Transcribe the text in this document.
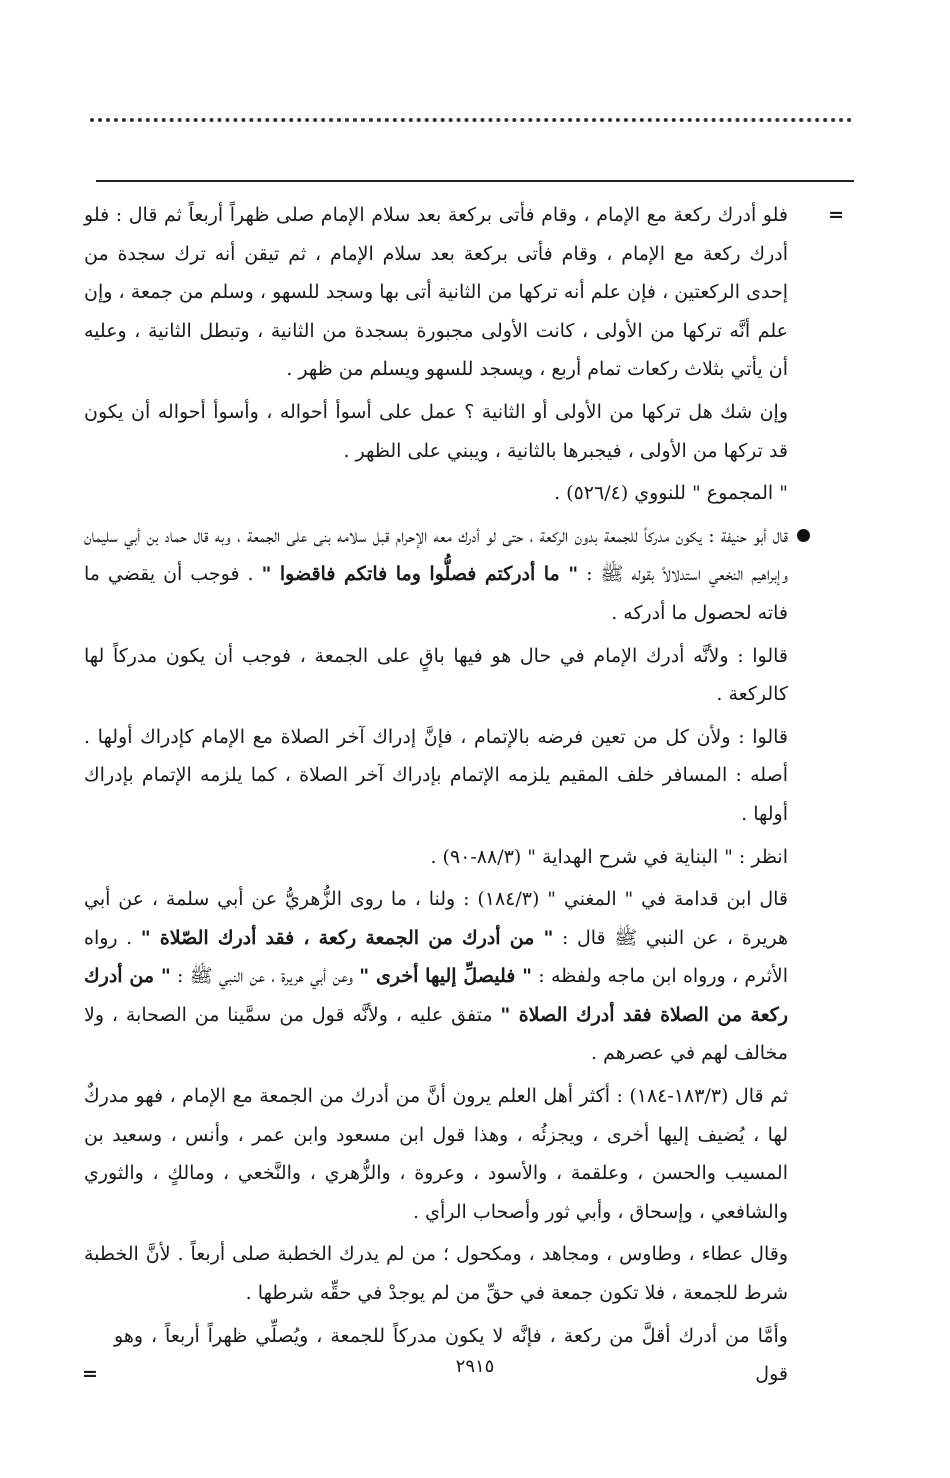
=
فلو أدرك ركعة مع الإمام ، وقام فأتى بركعة بعد سلام الإمام صلى ظهراً أربعاً ثم قال : فلو أدرك ركعة مع الإمام ، وقام فأتى بركعة بعد سلام الإمام ، ثم تيقن أنه ترك سجدة من إحدى الركعتين ، فإن علم أنه تركها من الثانية أتى بها وسجد للسهو ، وسلم من جمعة ، وإن علم أنَّه تركها من الأولى ، كانت الأولى مجبورة بسجدة من الثانية ، وتبطل الثانية ، وعليه أن يأتي بثلاث ركعات تمام أربع ، ويسجد للسهو ويسلم من ظهر .

وإن شك هل تركها من الأولى أو الثانية ؟ عمل على أسوأ أحواله ، وأسوأ أحواله أن يكون قد تركها من الأولى ، فيجبرها بالثانية ، ويبني على الظهر .

" المجموع " للنووي (٥٢٦/٤) .

قال أبو حنيفة : يكون مدركاً للجمعة بدون الركعة ، حتى لو أدرك معه الإحرام قبل سلامه بنى على الجمعة ، وبه قال حماد بن أبي سليمان وإبراهيم النخعي استدلالاً بقوله ﷺ : " ما أدركتم فصلُّوا وما فاتكم فاقضوا " . فوجب أن يقضي ما فاته لحصول ما أدركه .

قالوا : ولأنَّه أدرك الإمام في حال هو فيها باقٍ على الجمعة ، فوجب أن يكون مدركاً لها كالركعة .

قالوا : ولأن كل من تعين فرضه بالإتمام ، فإنَّ إدراك آخر الصلاة مع الإمام كإدراك أولها . أصله : المسافر خلف المقيم يلزمه الإتمام بإدراك آخر الصلاة ، كما يلزمه الإتمام بإدراك أولها .

انظر : " البناية في شرح الهداية " (٨٨/٣-٩٠) .

قال ابن قدامة في " المغني " (١٨٤/٣) : ولنا ، ما روى الزُّهريُّ عن أبي سلمة ، عن أبي هريرة ، عن النبي ﷺ قال : " من أدرك من الجمعة ركعة ، فقد أدرك الصّلاة " . رواه الأثرم ، ورواه ابن ماجه ولفظه : " فليصلِّ إليها أخرى " وعن أبي هريرة ، عن النبي ﷺ : " من أدرك ركعة من الصلاة فقد أدرك الصلاة " متفق عليه ، ولأنَّه قول من سمَّينا من الصحابة ، ولا مخالف لهم في عصرهم .

ثم قال (١٨٣/٣-١٨٤) : أكثر أهل العلم يرون أنَّ من أدرك من الجمعة مع الإمام ، فهو مدركٌ لها ، يُضيف إليها أخرى ، ويجزئُه ، وهذا قول ابن مسعود وابن عمر ، وأنس ، وسعيد بن المسيب والحسن ، وعلقمة ، والأسود ، وعروة ، والزُّهري ، والنَّخعي ، ومالكٍ ، والثوري والشافعي ، وإسحاق ، وأبي ثور وأصحاب الرأي .

وقال عطاء ، وطاوس ، ومجاهد ، ومكحول ؛ من لم يدرك الخطبة صلى أربعاً . لأنَّ الخطبة شرط للجمعة ، فلا تكون جمعة في حقِّ من لم يوجدْ في حقِّه شرطها .

وأمَّا من أدرك أقلَّ من ركعة ، فإنَّه لا يكون مدركاً للجمعة ، ويُصلِّي ظهراً أربعاً ، وهو قول
=	٢٩١٥
